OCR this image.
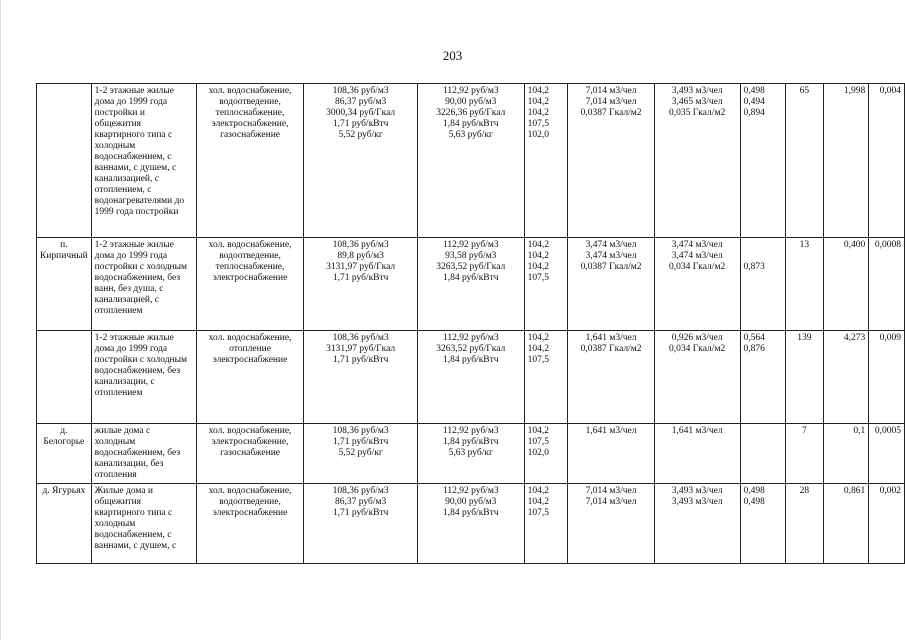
203
	1-2 этажные жилые дома до 1999 года постройки и общежития квартирного типа с холодным водоснабжением, с ваннами, с душем, с канализацией, с отоплением, с водонагревателями до 1999 года постройки	хол. водоснабжение, водоотведение, теплоснабжение, электроснабжение, газоснабжение	108,36 руб/м3
86,37 руб/м3
3000,34 руб/Гкал
1,71 руб/кВтч
5,52 руб/кг	112,92 руб/м3
90,00 руб/м3
3226,36 руб/Гкал
1,84 руб/кВтч
5,63 руб/кг	104,2
104,2
104,2
107,5
102,0	7,014 м3/чел
7,014 м3/чел
0,0387 Гкал/м2	3,493 м3/чел
3,465 м3/чел
0,035 Гкал/м2	0,498
0,494
0,894	65	1,998	0,004
п. Кирпичный	1-2 этажные жилые дома до 1999 года постройки с холодным водоснабжением, без ванн, без душа, с канализацией, с отоплением	хол. водоснабжение, водоотведение, теплоснабжение, электроснабжение	108,36 руб/м3
89,8 руб/м3
3131,97 руб/Гкал
1,71 руб/кВтч	112,92 руб/м3
93,58 руб/м3
3263,52 руб/Гкал
1,84 руб/кВтч	104,2
104,2
104,2
107,5	3,474 м3/чел
3,474 м3/чел
0,0387 Гкал/м2	3,474 м3/чел
3,474 м3/чел
0,034 Гкал/м2	0,873	13	0,400	0,0008
	1-2 этажные жилые дома до 1999 года постройки с холодным водоснабжением, без канализации, с отоплением	хол. водоснабжение, отопление электроснабжение	108,36 руб/м3
3131,97 руб/Гкал
1,71 руб/кВтч	112,92 руб/м3
3263,52 руб/Гкал
1,84 руб/кВтч	104,2
104,2
107,5	1,641 м3/чел
0,0387 Гкал/м2	0,926 м3/чел
0,034 Гкал/м2	0,564
0,876	139	4,273	0,009
д. Белогорье	жилые дома с холодным водоснабжением, без канализации, без отопления	хол. водоснабжение, электроснабжение, газоснабжение	108,36 руб/м3
1,71 руб/кВтч
5,52 руб/кг	112,92 руб/м3
1,84 руб/кВтч
5,63 руб/кг	104,2
107,5
102,0	1,641 м3/чел	1,641 м3/чел		7	0,1	0,0005
д. Ягурьях	Жилые дома и общежития квартирного типа с холодным водоснабжением, с ваннами, с душем, с	хол. водоснабжение, водоотведение, электроснабжение	108,36 руб/м3
86,37 руб/м3
1,71 руб/кВтч	112,92 руб/м3
90,00 руб/м3
1,84 руб/кВтч	104,2
104,2
107,5	7,014 м3/чел
7,014 м3/чел	3,493 м3/чел
3,493 м3/чел	0,498
0,498	28	0,861	0,002
